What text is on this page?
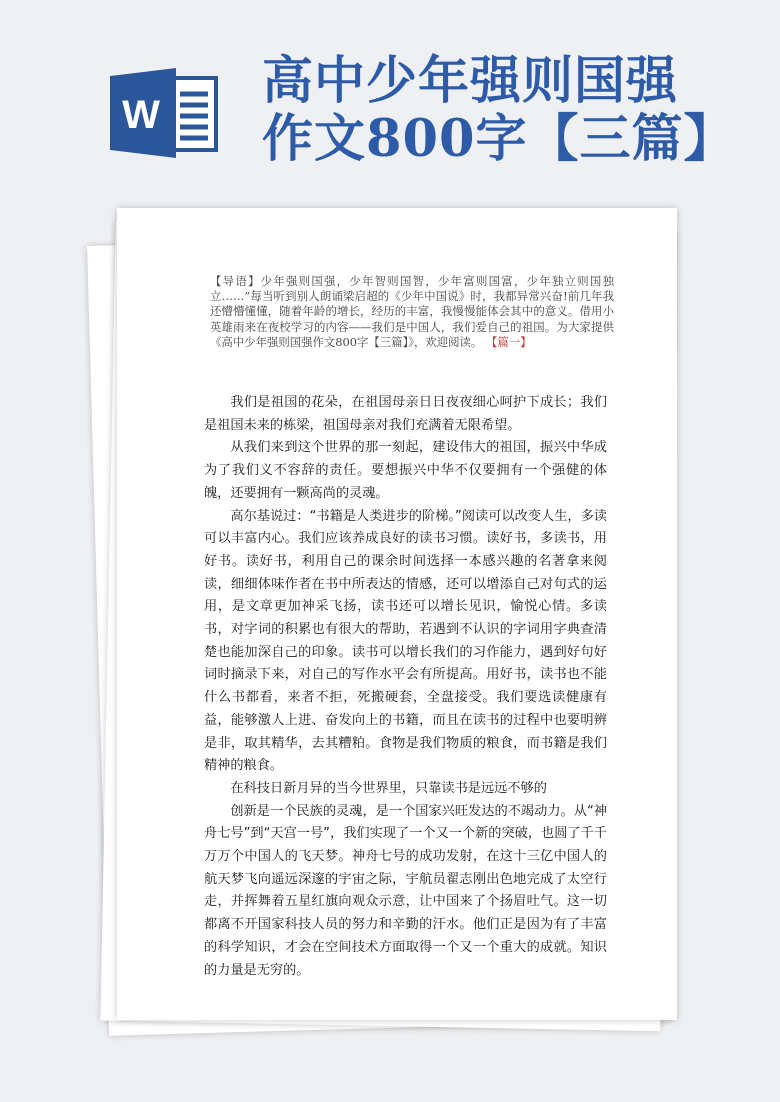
W
高中少年强则国强
作文800字【三篇】
【导语】少年强则国强，少年智则国智，少年富则国富，少年独立则国独立……”每当听到别人朗诵梁启超的《少年中国说》时，我都异常兴奋!前几年我还懵懵懂懂，随着年龄的增长，经历的丰富，我慢慢能体会其中的意义。借用小英雄雨来在夜校学习的内容——我们是中国人，我们爱自己的祖国。为大家提供《高中少年强则国强作文800字【三篇】》，欢迎阅读。 【篇一】

我们是祖国的花朵，在祖国母亲日日夜夜细心呵护下成长；我们是祖国未来的栋梁，祖国母亲对我们充满着无限希望。

从我们来到这个世界的那一刻起，建设伟大的祖国，振兴中华成为了我们义不容辞的责任。要想振兴中华不仅要拥有一个强健的体魄，还要拥有一颗高尚的灵魂。

高尔基说过：“书籍是人类进步的阶梯。”阅读可以改变人生，多读可以丰富内心。我们应该养成良好的读书习惯。读好书，多读书，用好书。读好书，利用自己的课余时间选择一本感兴趣的名著拿来阅读，细细体味作者在书中所表达的情感，还可以增添自己对句式的运用，是文章更加神采飞扬，读书还可以增长见识，愉悦心情。多读书，对字词的积累也有很大的帮助，若遇到不认识的字词用字典查清楚也能加深自己的印象。读书可以增长我们的习作能力，遇到好句好词时摘录下来，对自己的写作水平会有所提高。用好书，读书也不能什么书都看，来者不拒，死搬硬套，全盘接受。我们要选读健康有益，能够激人上进、奋发向上的书籍，而且在读书的过程中也要明辨是非，取其精华，去其糟粕。食物是我们物质的粮食，而书籍是我们精神的粮食。

在科技日新月异的当今世界里，只靠读书是远远不够的

创新是一个民族的灵魂，是一个国家兴旺发达的不竭动力。从“神舟七号”到“天宫一号”，我们实现了一个又一个新的突破，也圆了千千万万个中国人的飞天梦。神舟七号的成功发射，在这十三亿中国人的航天梦飞向遥远深邃的宇宙之际，宇航员翟志刚出色地完成了太空行走，并挥舞着五星红旗向观众示意，让中国来了个扬眉吐气。这一切都离不开国家科技人员的努力和辛勤的汗水。他们正是因为有了丰富的科学知识，才会在空间技术方面取得一个又一个重大的成就。知识的力量是无穷的。
